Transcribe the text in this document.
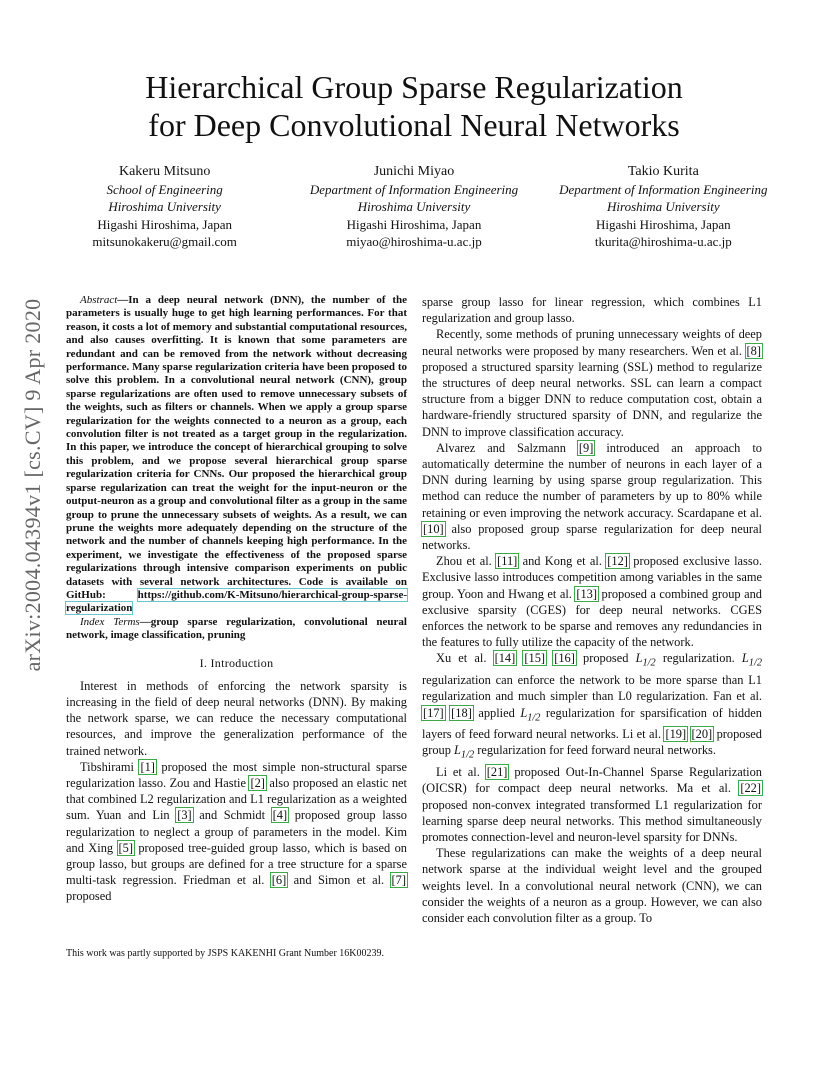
Hierarchical Group Sparse Regularization
for Deep Convolutional Neural Networks
Kakeru Mitsuno
School of Engineering
Hiroshima University
Higashi Hiroshima, Japan
mitsunokakeru@gmail.com
Junichi Miyao
Department of Information Engineering
Hiroshima University
Higashi Hiroshima, Japan
miyao@hiroshima-u.ac.jp
Takio Kurita
Department of Information Engineering
Hiroshima University
Higashi Hiroshima, Japan
tkurita@hiroshima-u.ac.jp
arXiv:2004.04394v1 [cs.CV] 9 Apr 2020	Abstract—In a deep neural network (DNN), the number of the parameters is usually huge to get high learning performances. For that reason, it costs a lot of memory and substantial computational resources, and also causes overfitting. It is known that some parameters are redundant and can be removed from the network without decreasing performance. Many sparse regularization criteria have been proposed to solve this problem. In a convolutional neural network (CNN), group sparse regularizations are often used to remove unnecessary subsets of the weights, such as filters or channels. When we apply a group sparse regularization for the weights connected to a neuron as a group, each convolution filter is not treated as a target group in the regularization. In this paper, we introduce the concept of hierarchical grouping to solve this problem, and we propose several hierarchical group sparse regularization criteria for CNNs. Our proposed the hierarchical group sparse regularization can treat the weight for the input-neuron or the output-neuron as a group and convolutional filter as a group in the same group to prune the unnecessary subsets of weights. As a result, we can prune the weights more adequately depending on the structure of the network and the number of channels keeping high performance. In the experiment, we investigate the effectiveness of the proposed sparse regularizations through intensive comparison experiments on public datasets with several network architectures. Code is available on GitHub: https://github.com/K-Mitsuno/hierarchical-group-sparse-regularization

Index Terms—group sparse regularization, convolutional neural network, image classification, pruning

I. Introduction

Interest in methods of enforcing the network sparsity is increasing in the field of deep neural networks (DNN). By making the network sparse, we can reduce the necessary computational resources, and improve the generalization performance of the trained network.

Tibshirami [1] proposed the most simple non-structural sparse regularization lasso. Zou and Hastie [2] also proposed an elastic net that combined L2 regularization and L1 regularization as a weighted sum. Yuan and Lin [3] and Schmidt [4] proposed group lasso regularization to neglect a group of parameters in the model. Kim and Xing [5] proposed tree-guided group lasso, which is based on group lasso, but groups are defined for a tree structure for a sparse multi-task regression. Friedman et al. [6] and Simon et al. [7] proposed

This work was partly supported by JSPS KAKENHI Grant Number 16K00239.

sparse group lasso for linear regression, which combines L1 regularization and group lasso.

Recently, some methods of pruning unnecessary weights of deep neural networks were proposed by many researchers. Wen et al. [8] proposed a structured sparsity learning (SSL) method to regularize the structures of deep neural networks. SSL can learn a compact structure from a bigger DNN to reduce computation cost, obtain a hardware-friendly structured sparsity of DNN, and regularize the DNN to improve classification accuracy.

Alvarez and Salzmann [9] introduced an approach to automatically determine the number of neurons in each layer of a DNN during learning by using sparse group regularization. This method can reduce the number of parameters by up to 80% while retaining or even improving the network accuracy. Scardapane et al. [10] also proposed group sparse regularization for deep neural networks.

Zhou et al. [11] and Kong et al. [12] proposed exclusive lasso. Exclusive lasso introduces competition among variables in the same group. Yoon and Hwang et al. [13] proposed a combined group and exclusive sparsity (CGES) for deep neural networks. CGES enforces the network to be sparse and removes any redundancies in the features to fully utilize the capacity of the network.

Xu et al. [14] [15] [16] proposed $L_{1/2}$ regularization. $L_{1/2}$ regularization can enforce the network to be more sparse than L1 regularization and much simpler than L0 regularization. Fan et al. [17] [18] applied $L_{1/2}$ regularization for sparsification of hidden layers of feed forward neural networks. Li et al. [19] [20] proposed group $L_{1/2}$ regularization for feed forward neural networks.

Li et al. [21] proposed Out-In-Channel Sparse Regularization (OICSR) for compact deep neural networks. Ma et al. [22] proposed non-convex integrated transformed L1 regularization for learning sparse deep neural networks. This method simultaneously promotes connection-level and neuron-level sparsity for DNNs.

These regularizations can make the weights of a deep neural network sparse at the individual weight level and the grouped weights level. In a convolutional neural network (CNN), we can consider the weights of a neuron as a group. However, we can also consider each convolution filter as a group. To
